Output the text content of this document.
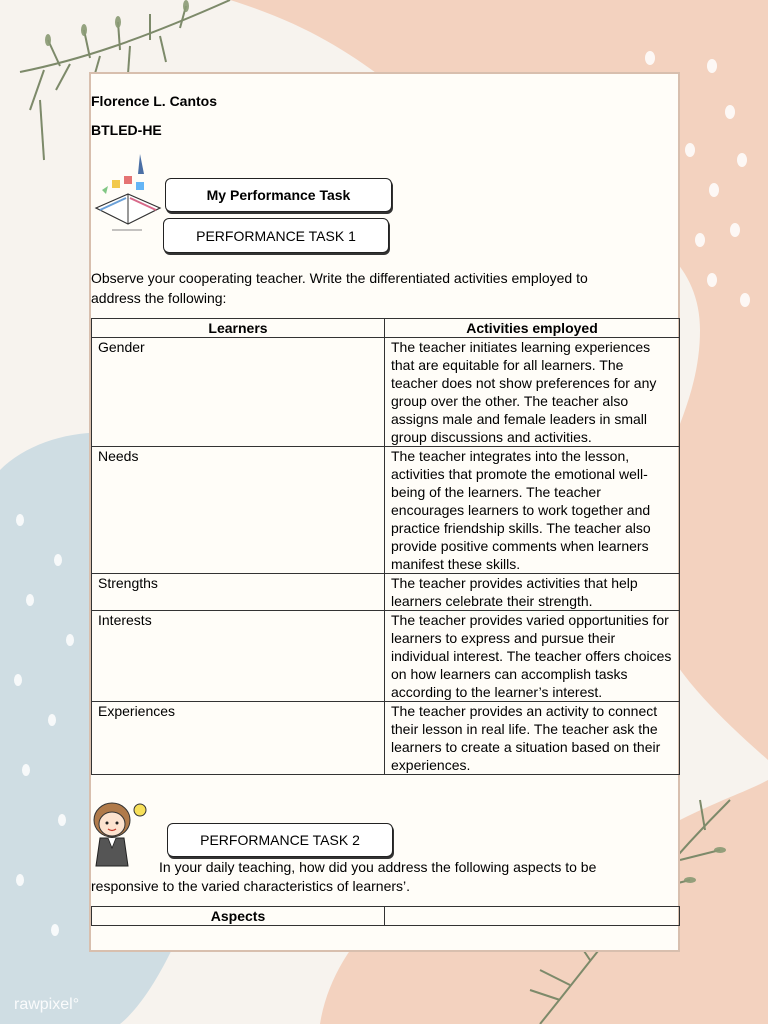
Florence L. Cantos
BTLED-HE
My Performance Task
PERFORMANCE TASK 1
Observe your cooperating teacher. Write the differentiated activities employed to
address the following:
Learners	Activities employed
Gender	The teacher initiates learning experiences that are equitable for all learners. The teacher does not show preferences for any group over the other. The teacher also assigns male and female leaders in small group discussions and activities.
Needs	The teacher integrates into the lesson, activities that promote the emotional well-being of the learners. The teacher encourages learners to work together and practice friendship skills. The teacher also provide positive comments when learners manifest these skills.
Strengths	The teacher provides activities that help learners celebrate their strength.
Interests	The teacher provides varied opportunities for learners to express and pursue their individual interest. The teacher offers choices on how learners can accomplish tasks according to the learner’s interest.
Experiences	The teacher provides an activity to connect their lesson in real life. The teacher ask the learners to create a situation based on their experiences.
PERFORMANCE TASK 2
In your daily teaching, how did you address the following aspects to be
responsive to the varied characteristics of learners’.
Aspects	
rawpixel°
